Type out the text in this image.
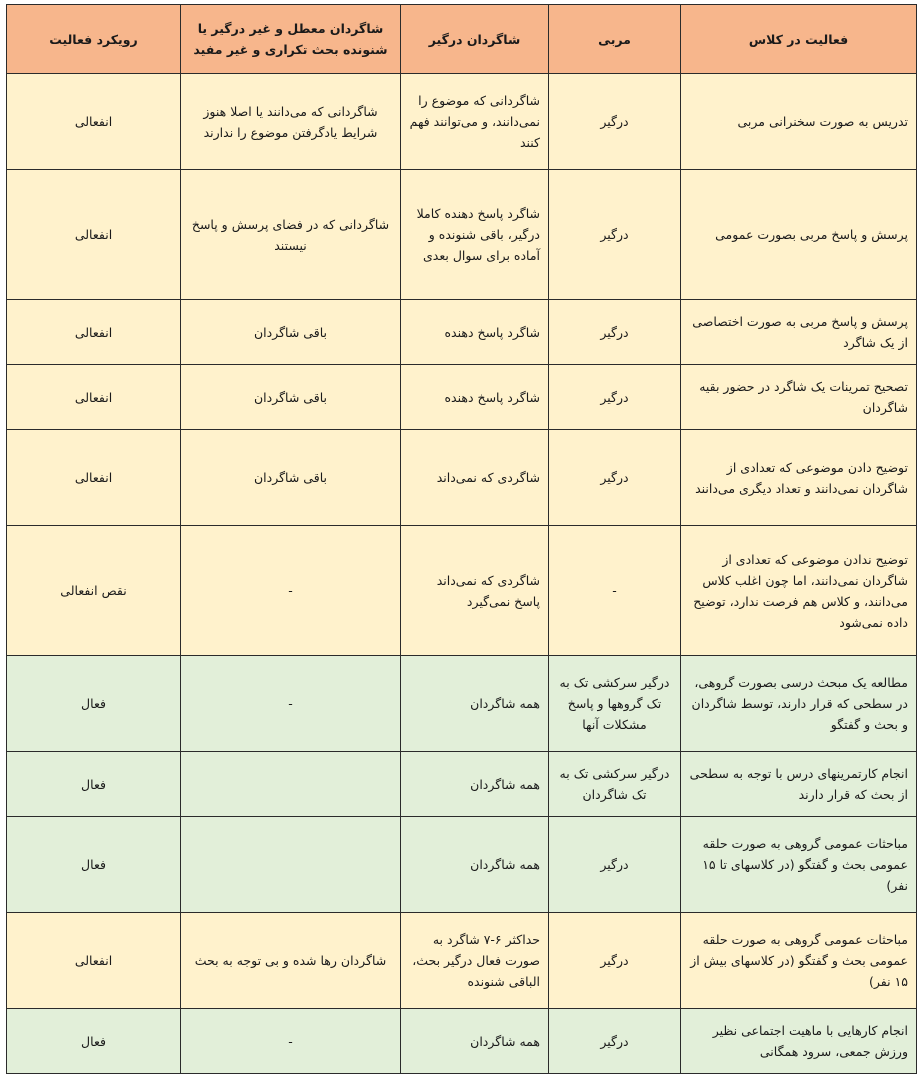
فعالیت در کلاس	مربی	شاگردان درگیر	شاگردان معطل و غیر درگیر یا شنونده بحث تکراری و غیر مفید	رویکرد فعالیت
تدریس به صورت سخنرانی مربی	درگیر	شاگردانی که موضوع را نمی‌دانند، و می‌توانند فهم کنند	شاگردانی که می‌دانند یا اصلا هنوز شرایط یادگرفتن موضوع را ندارند	انفعالی
پرسش و پاسخ مربی بصورت عمومی	درگیر	شاگرد پاسخ دهنده کاملا درگیر، باقی شنونده و آماده برای سوال بعدی	شاگردانی که در فضای پرسش و پاسخ نیستند	انفعالی
پرسش و پاسخ مربی به صورت اختصاصی از یک شاگرد	درگیر	شاگرد پاسخ دهنده	باقی شاگردان	انفعالی
تصحیح تمرینات یک شاگرد در حضور بقیه شاگردان	درگیر	شاگرد پاسخ دهنده	باقی شاگردان	انفعالی
توضیح دادن موضوعی که تعدادی از شاگردان نمی‌دانند و تعداد دیگری می‌دانند	درگیر	شاگردی که نمی‌داند	باقی شاگردان	انفعالی
توضیح ندادن موضوعی که تعدادی از شاگردان نمی‌دانند، اما چون اغلب کلاس می‌دانند، و کلاس هم فرصت ندارد، توضیح داده نمی‌شود	-	شاگردی که نمی‌داند پاسخ نمی‌گیرد	-	نقص انفعالی
مطالعه یک مبحث درسی بصورت گروهی، در سطحی که قرار دارند، توسط شاگردان و بحث و گفتگو	درگیر سرکشی تک به تک گروهها و پاسخ مشکلات آنها	همه شاگردان	-	فعال
انجام کارتمرینهای درس با توجه به سطحی از بحث که قرار دارند	درگیر سرکشی تک به تک شاگردان	همه شاگردان		فعال
مباحثات عمومی گروهی به صورت حلقه عمومی بحث و گفتگو (در کلاسهای تا ۱۵ نفر)	درگیر	همه شاگردان		فعال
مباحثات عمومی گروهی به صورت حلقه عمومی بحث و گفتگو (در کلاسهای بیش از ۱۵ نفر)	درگیر	حداکثر ۶-۷ شاگرد به صورت فعال درگیر بحث، الباقی شنونده	شاگردان رها شده و بی توجه به بحث	انفعالی
انجام کارهایی با ماهیت اجتماعی نظیر ورزش جمعی، سرود همگانی	درگیر	همه شاگردان	-	فعال
